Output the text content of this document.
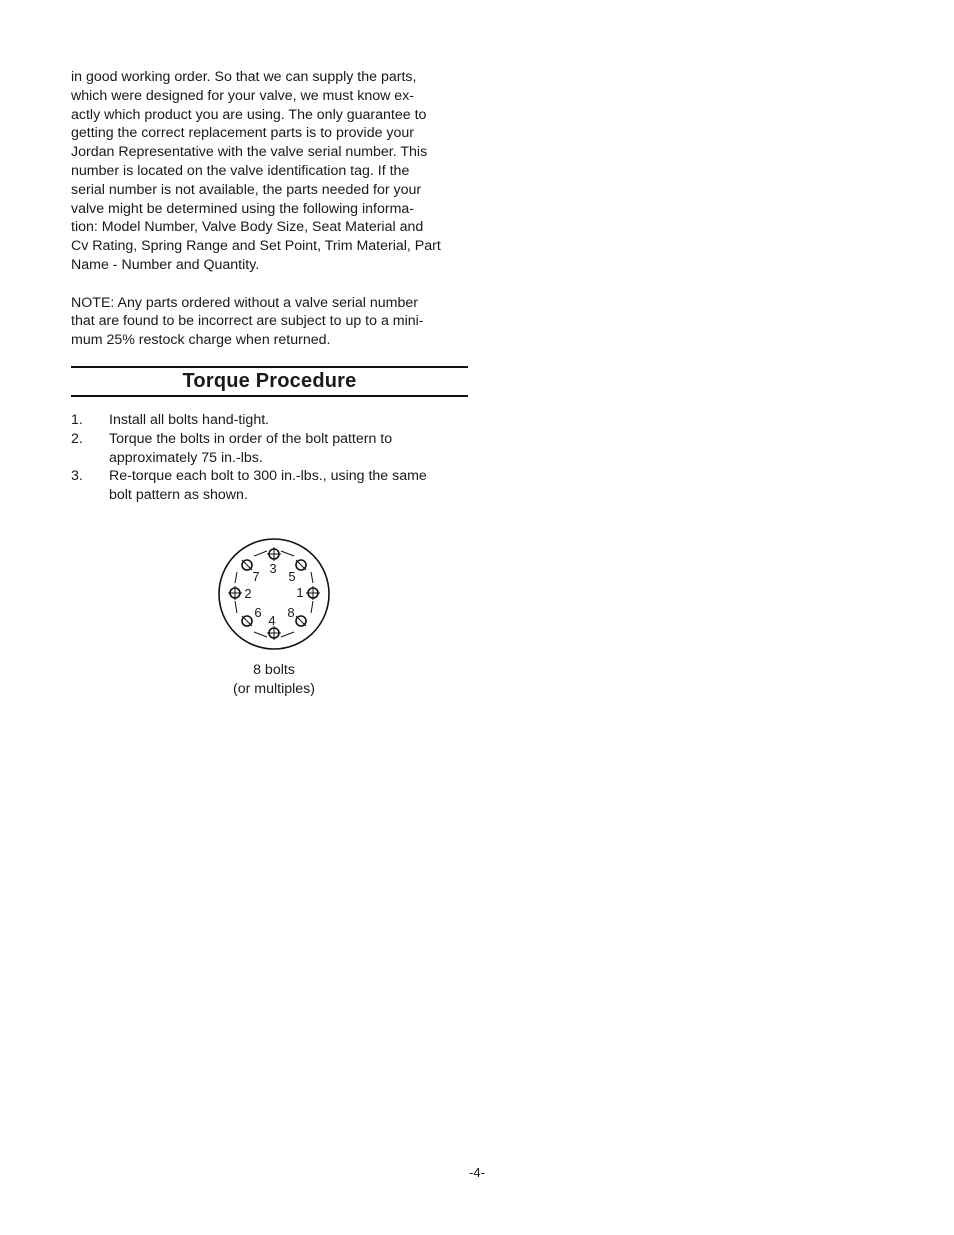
in good working order. So that we can supply the parts,
which were designed for your valve, we must know ex-
actly which product you are using. The only guarantee to
getting the correct replacement parts is to provide your
Jordan Representative with the valve serial number. This
number is located on the valve identification tag. If the
serial number is not available, the parts needed for your
valve might be determined using the following informa-
tion: Model Number, Valve Body Size, Seat Material and
Cv Rating, Spring Range and Set Point, Trim Material, Part
Name - Number and Quantity.

NOTE: Any parts ordered without a valve serial number
that are found to be incorrect are subject to up to a mini-
mum 25% restock charge when returned.

Torque Procedure
1.	Install all bolts hand-tight.
2.	Torque the bolts in order of the bolt pattern to
approximately 75 in.-lbs.
3.	Re-torque each bolt to 300 in.-lbs., using the same
bolt pattern as shown.
3
5
1
8
4
6
2
7
8 bolts
(or multiples)
-4-
